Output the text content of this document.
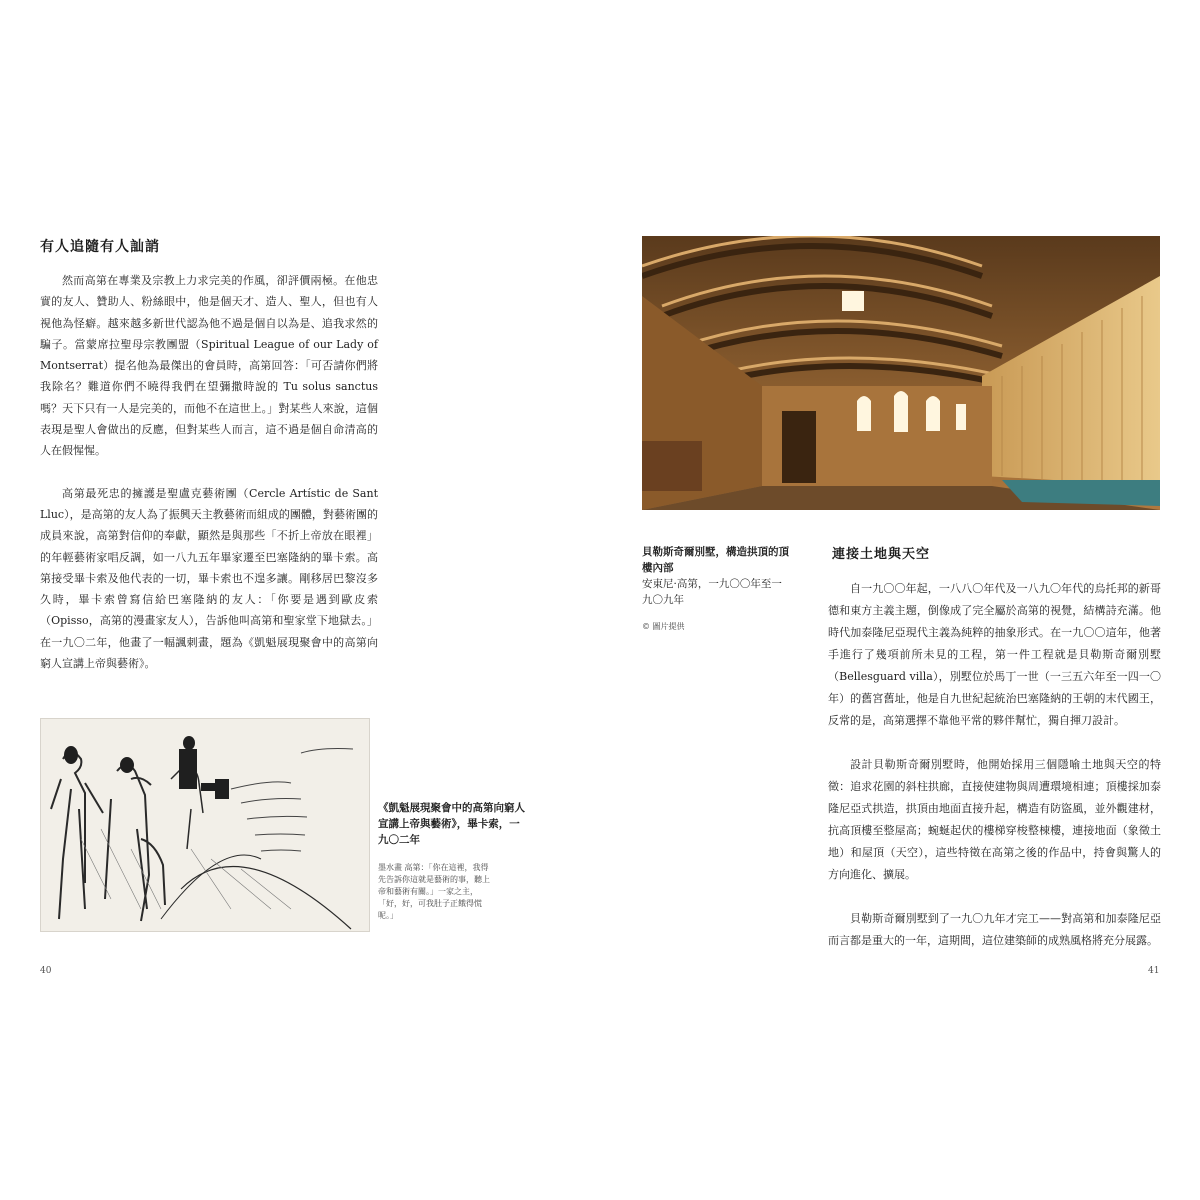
有人追隨有人訕誚

然而高第在專業及宗教上力求完美的作風，卻評價兩極。在他忠實的友人、贊助人、粉絲眼中，他是個天才、造人、聖人，但也有人視他為怪癖。越來越多新世代認為他不過是個自以為是、追我求然的騙子。當蒙席拉聖母宗教團盟（Spiritual League of our Lady of Montserrat）提名他為最傑出的會員時，高第回答：「可否請你們將我除名？難道你們不曉得我們在望彌撒時說的 Tu solus sanctus 嗎？天下只有一人是完美的，而他不在這世上。」對某些人來說，這個表現是聖人會做出的反應，但對某些人而言，這不過是個自命清高的人在假惺惺。

高第最死忠的擁護是聖盧克藝術團（Cercle Artístic de Sant Lluc），是高第的友人為了振興天主教藝術而組成的團體，對藝術團的成員來說，高第對信仰的奉獻，顯然是與那些「不折上帝放在眼裡」的年輕藝術家唱反調，如一八九五年畢家遷至巴塞隆納的畢卡索。高第接受畢卡索及他代表的一切，畢卡索也不遑多讓。剛移居巴黎沒多久時，畢卡索曾寫信給巴塞隆納的友人：「你要是遇到歐皮索（Opisso，高第的漫畫家友人），告訴他叫高第和聖家堂下地獄去。」在一九〇二年，他畫了一幅諷刺畫，題為《凱魁展現聚會中的高第向窮人宣講上帝與藝術》。

《凱魁展現聚會中的高第向窮人宣講上帝與藝術》，畢卡索，一九〇二年
墨水畫 高第：「你在這裡，我得先告訴你這就是藝術的事，聽上帝和藝術有關。」一家之主，「好，好，可我肚子正餓得慌呢。」
40
貝勒斯奇爾別墅，構造拱頂的頂樓內部
安東尼·高第，一九〇〇年至一九〇九年
© 圖片提供
連接土地與天空

自一九〇〇年起，一八八〇年代及一八九〇年代的烏托邦的新哥德和東方主義主題，倒像成了完全屬於高第的視覺，結構詩充滿。他時代加泰隆尼亞現代主義為純粹的抽象形式。在一九〇〇這年，他著手進行了幾項前所未見的工程，第一件工程就是貝勒斯奇爾別墅（Bellesguard villa），別墅位於馬丁一世（一三五六年至一四一〇年）的舊宮舊址，他是自九世紀起統治巴塞隆納的王朝的末代國王，反常的是，高第選擇不靠他平常的夥伴幫忙，獨自揮刀設計。

設計貝勒斯奇爾別墅時，他開始採用三個隱喻土地與天空的特徵：追求花園的斜柱拱廊，直接使建物與周遭環境相連；頂樓採加泰隆尼亞式拱造，拱頂由地面直接升起，構造有防盜風，並外觀建材，抗高頂樓至整屋高；蜿蜒起伏的樓梯穿梭整棟樓，連接地面（象徵土地）和屋頂（天空），這些特徵在高第之後的作品中，持會與驚人的方向進化、擴展。

貝勒斯奇爾別墅到了一九〇九年才完工——對高第和加泰隆尼亞而言都是重大的一年，這期間，這位建築師的成熟風格將充分展露。

41
